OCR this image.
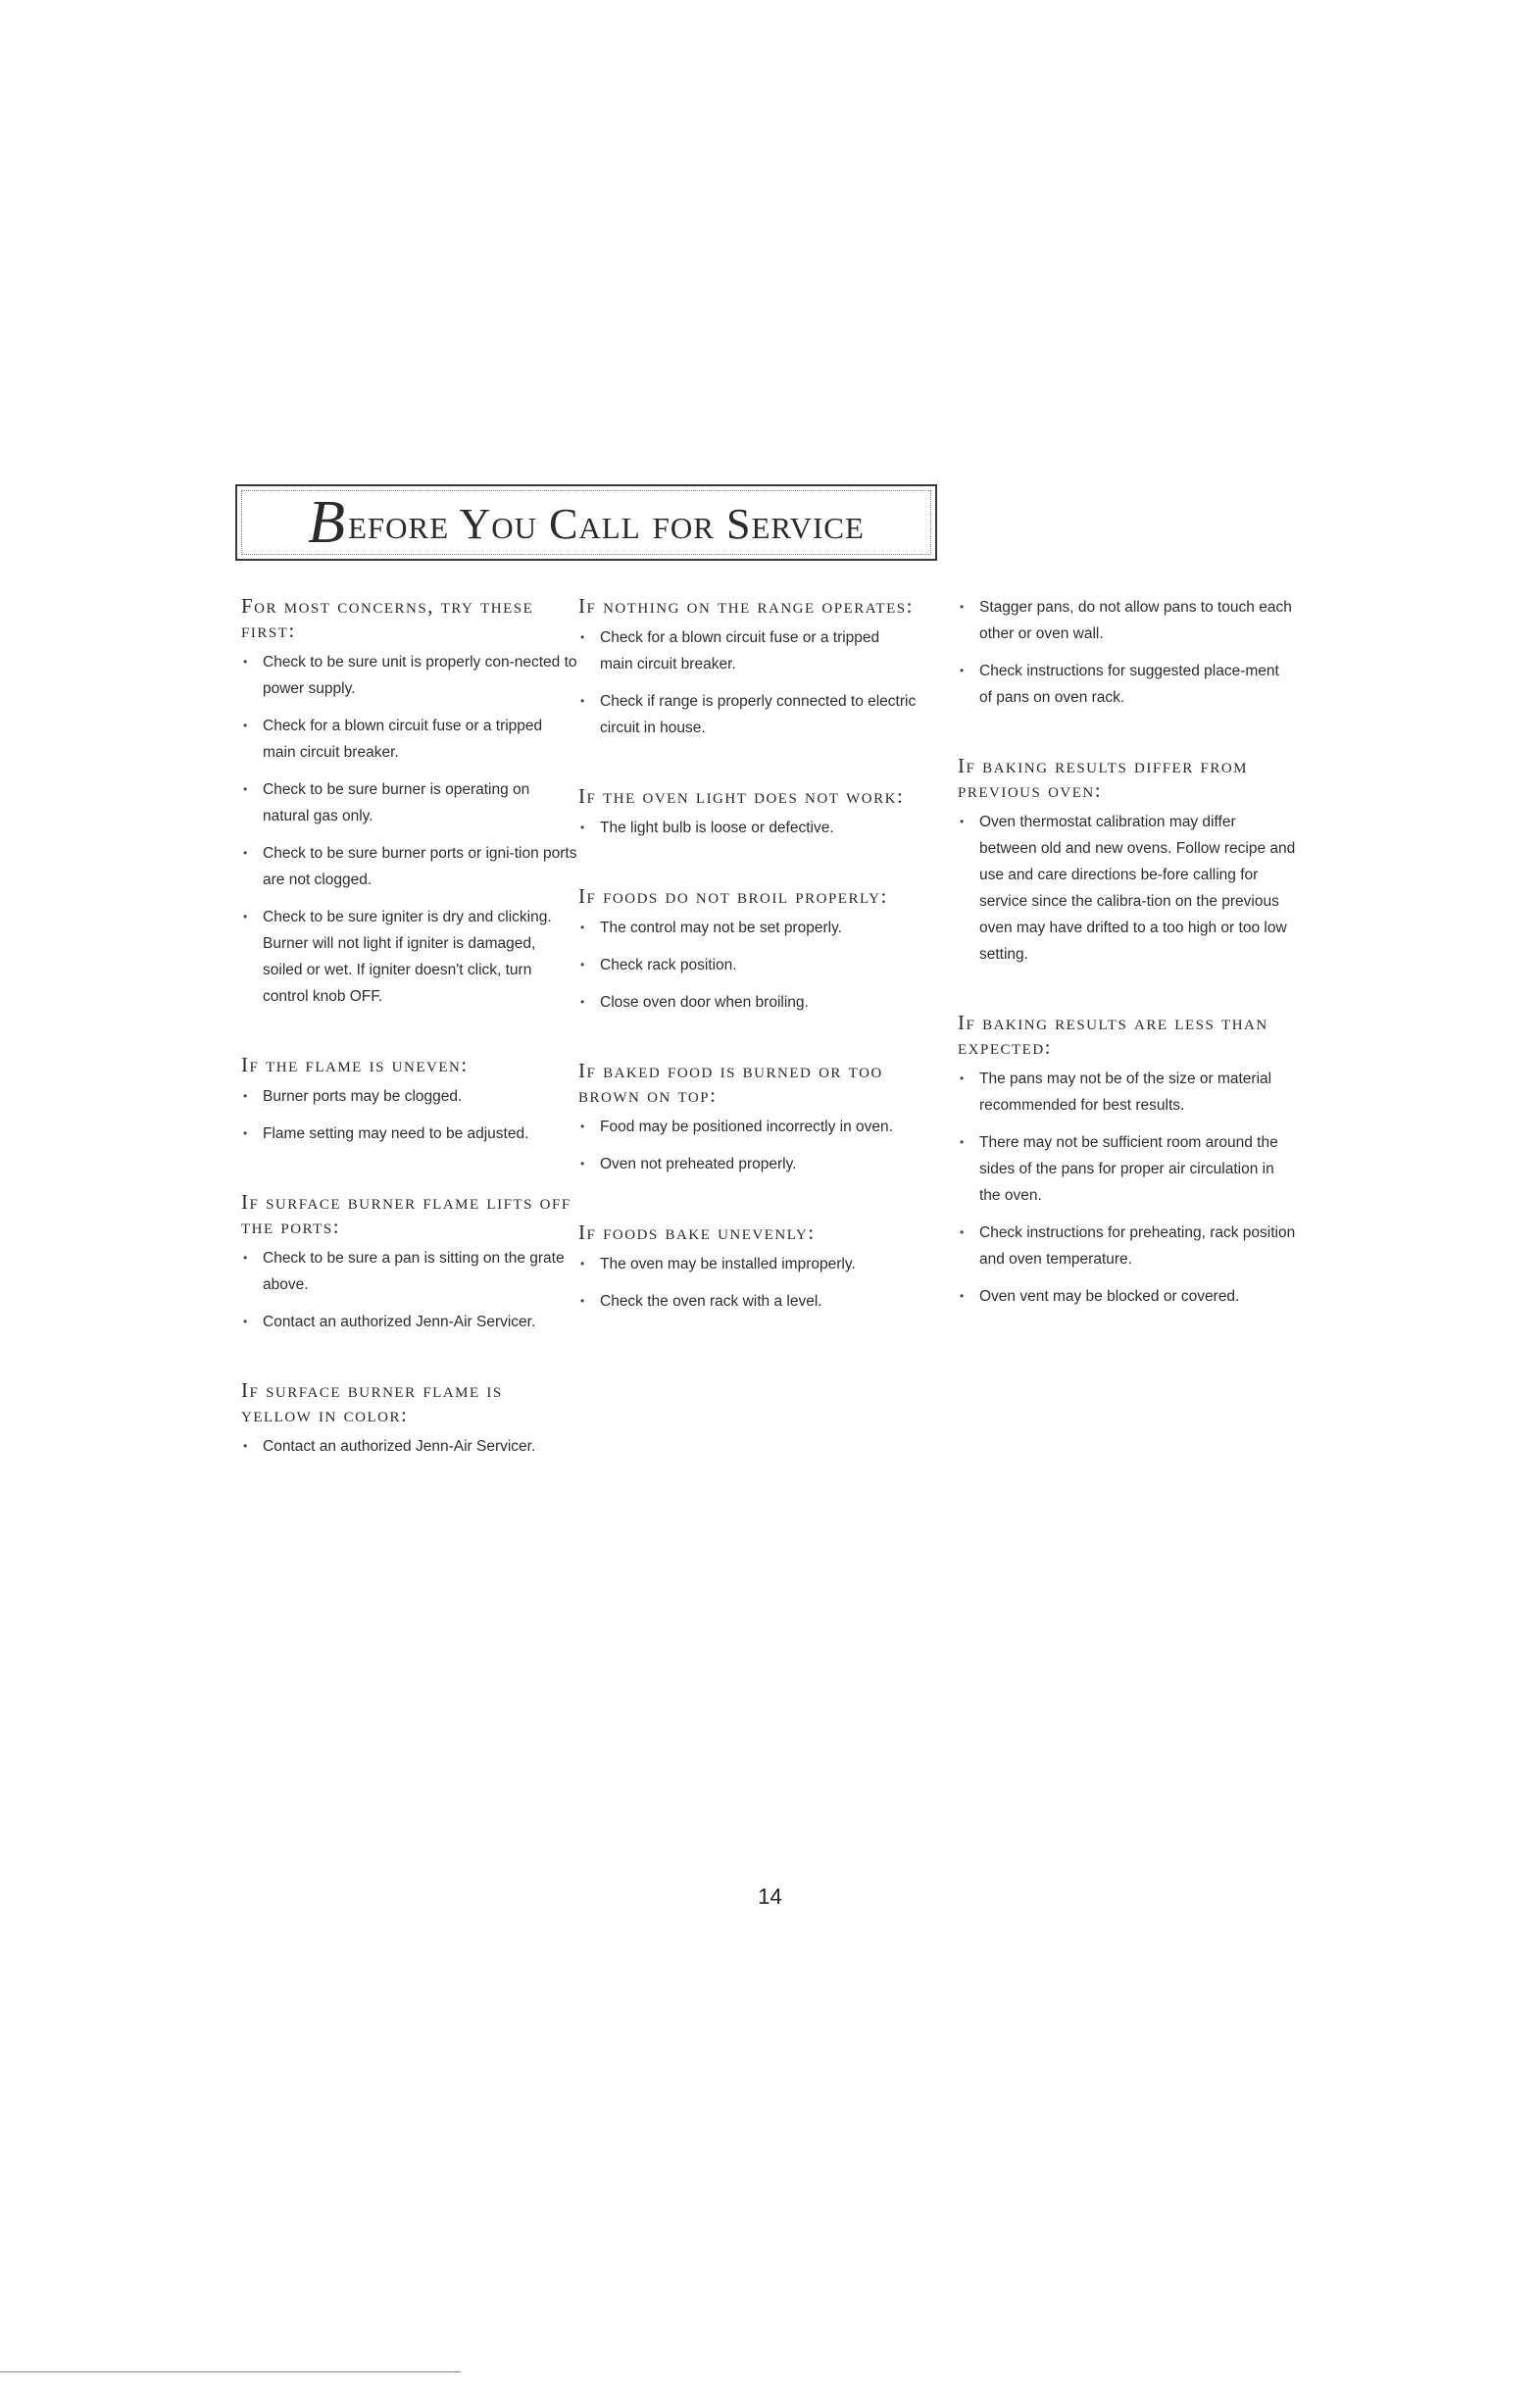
Before You Call for Service
For most concerns, try these first:
• Check to be sure unit is properly con-nected to power supply.
• Check for a blown circuit fuse or a tripped main circuit breaker.
• Check to be sure burner is operating on natural gas only.
• Check to be sure burner ports or igni-tion ports are not clogged.
• Check to be sure igniter is dry and clicking. Burner will not light if igniter is damaged, soiled or wet. If igniter doesn't click, turn control knob OFF.
If the flame is uneven:
• Burner ports may be clogged.
• Flame setting may need to be adjusted.
If surface burner flame lifts off the ports:
• Check to be sure a pan is sitting on the grate above.
• Contact an authorized Jenn-Air Servicer.
If surface burner flame is yellow in color:
• Contact an authorized Jenn-Air Servicer.
If nothing on the range operates:
• Check for a blown circuit fuse or a tripped main circuit breaker.
• Check if range is properly connected to electric circuit in house.
If the oven light does not work:
• The light bulb is loose or defective.
If foods do not broil properly:
• The control may not be set properly.
• Check rack position.
• Close oven door when broiling.
If baked food is burned or too brown on top:
• Food may be positioned incorrectly in oven.
• Oven not preheated properly.
If foods bake unevenly:
• The oven may be installed improperly.
• Check the oven rack with a level.
• Stagger pans, do not allow pans to touch each other or oven wall.
• Check instructions for suggested place-ment of pans on oven rack.
If baking results differ from previous oven:
• Oven thermostat calibration may differ between old and new ovens. Follow recipe and use and care directions be-fore calling for service since the calibra-tion on the previous oven may have drifted to a too high or too low setting.
If baking results are less than expected:
• The pans may not be of the size or material recommended for best results.
• There may not be sufficient room around the sides of the pans for proper air circulation in the oven.
• Check instructions for preheating, rack position and oven temperature.
• Oven vent may be blocked or covered.
14
